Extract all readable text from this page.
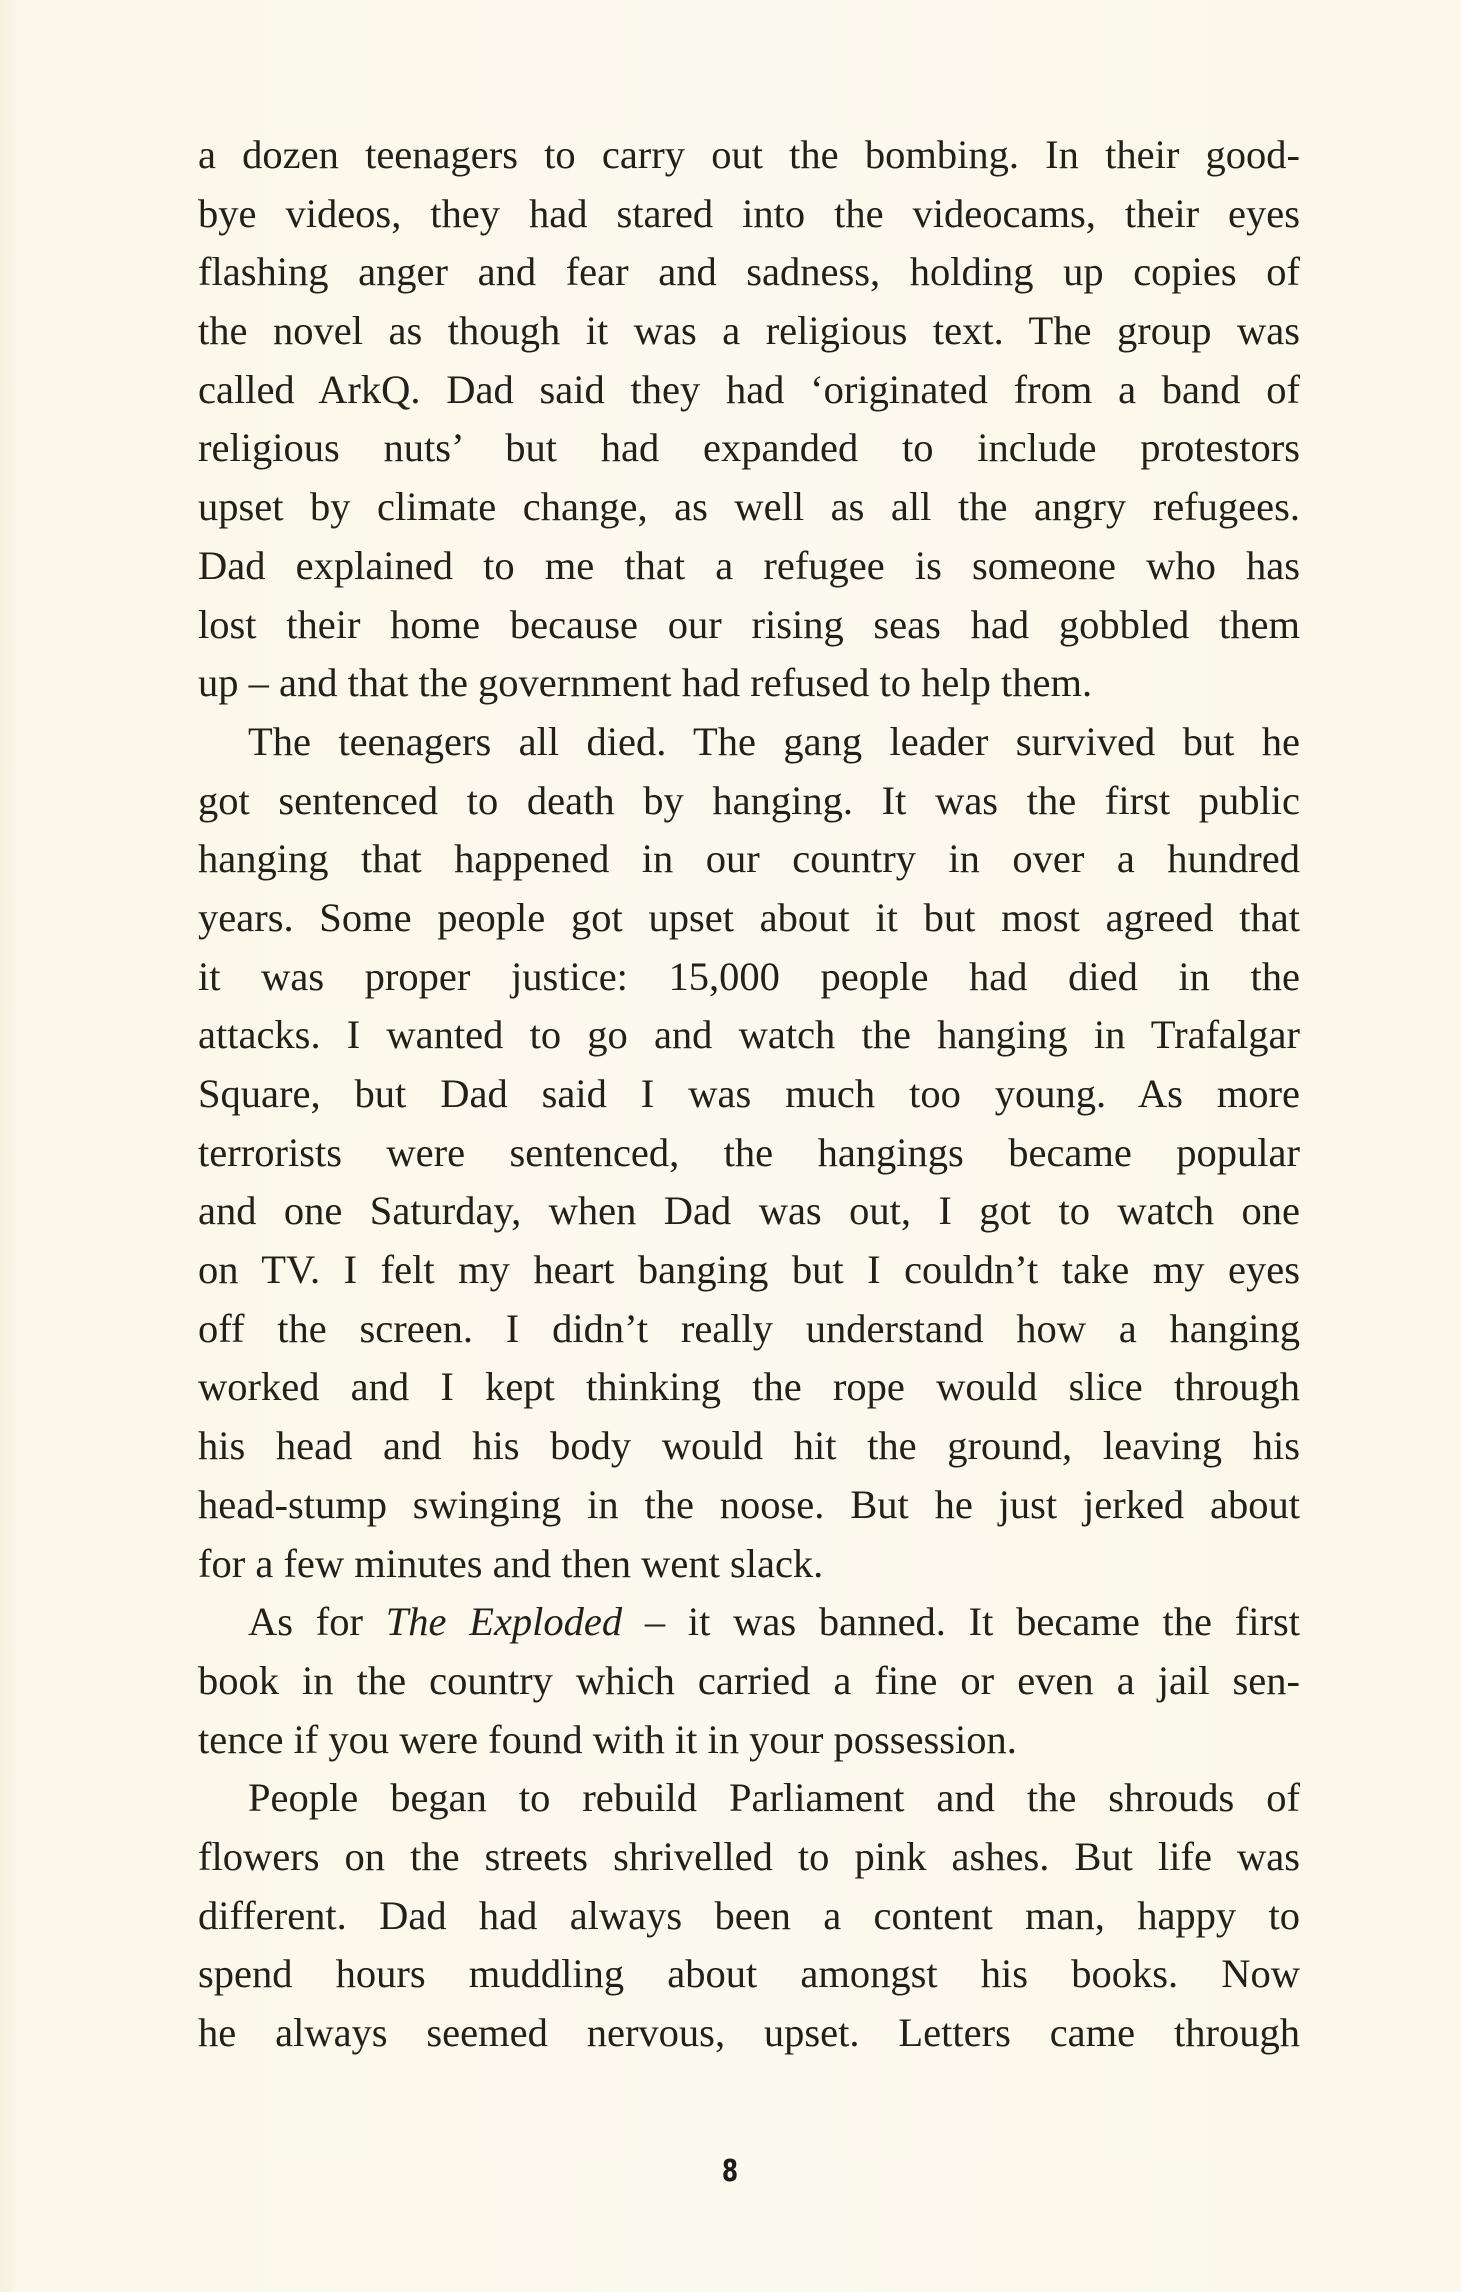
a dozen teenagers to carry out the bombing. In their good-
bye videos, they had stared into the videocams, their eyes
flashing anger and fear and sadness, holding up copies of
the novel as though it was a religious text. The group was
called ArkQ. Dad said they had ‘originated from a band of
religious nuts’ but had expanded to include protestors
upset by climate change, as well as all the angry refugees.
Dad explained to me that a refugee is someone who has
lost their home because our rising seas had gobbled them
up – and that the government had refused to help them.
The teenagers all died. The gang leader survived but he
got sentenced to death by hanging. It was the first public
hanging that happened in our country in over a hundred
years. Some people got upset about it but most agreed that
it was proper justice: 15,000 people had died in the
attacks. I wanted to go and watch the hanging in Trafalgar
Square, but Dad said I was much too young. As more
terrorists were sentenced, the hangings became popular
and one Saturday, when Dad was out, I got to watch one
on TV. I felt my heart banging but I couldn’t take my eyes
off the screen. I didn’t really understand how a hanging
worked and I kept thinking the rope would slice through
his head and his body would hit the ground, leaving his
head-stump swinging in the noose. But he just jerked about
for a few minutes and then went slack.
As for The Exploded – it was banned. It became the first
book in the country which carried a fine or even a jail sen-
tence if you were found with it in your possession.
People began to rebuild Parliament and the shrouds of
flowers on the streets shrivelled to pink ashes. But life was
different. Dad had always been a content man, happy to
spend hours muddling about amongst his books. Now
he always seemed nervous, upset. Letters came through
8
